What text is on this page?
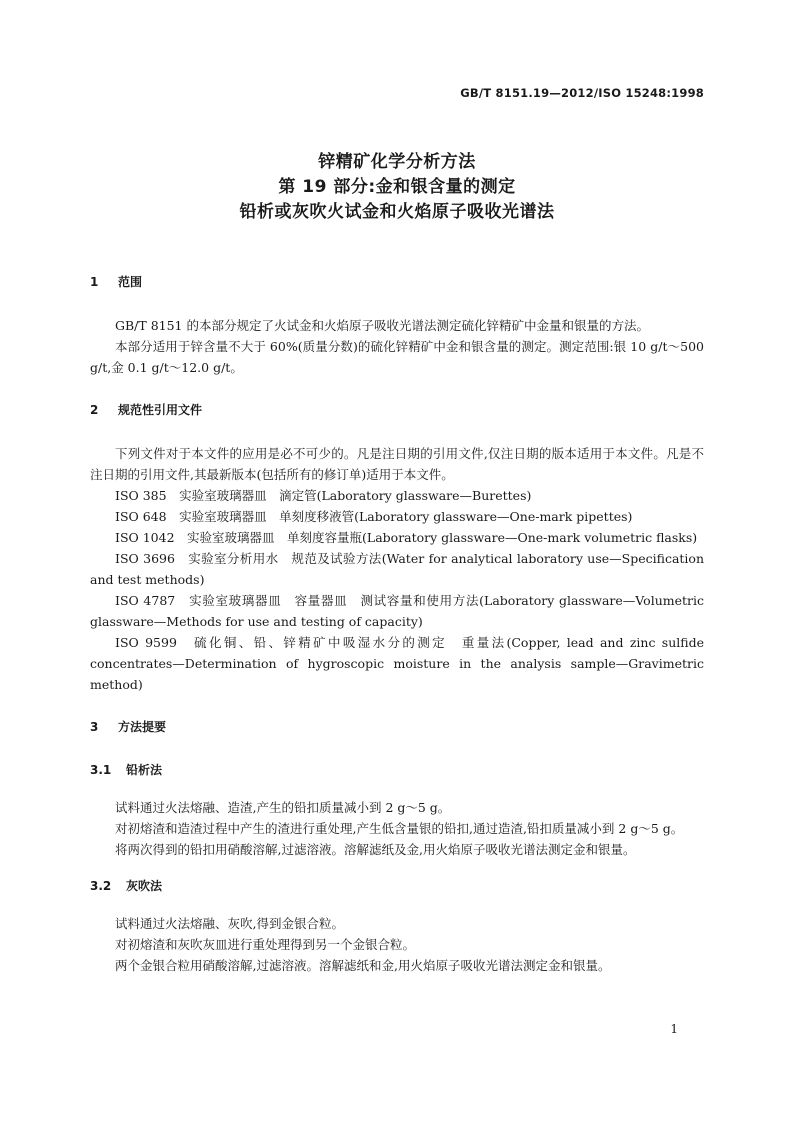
GB/T 8151.19—2012/ISO 15248:1998
锌精矿化学分析方法
第 19 部分:金和银含量的测定
铅析或灰吹火试金和火焰原子吸收光谱法
1 范围

GB/T 8151 的本部分规定了火试金和火焰原子吸收光谱法测定硫化锌精矿中金量和银量的方法。

本部分适用于锌含量不大于 60%(质量分数)的硫化锌精矿中金和银含量的测定。测定范围:银 10 g/t～500 g/t,金 0.1 g/t～12.0 g/t。

2 规范性引用文件

下列文件对于本文件的应用是必不可少的。凡是注日期的引用文件,仅注日期的版本适用于本文件。凡是不注日期的引用文件,其最新版本(包括所有的修订单)适用于本文件。

ISO 385　实验室玻璃器皿　滴定管(Laboratory glassware—Burettes)

ISO 648　实验室玻璃器皿　单刻度移液管(Laboratory glassware—One-mark pipettes)

ISO 1042　实验室玻璃器皿　单刻度容量瓶(Laboratory glassware—One-mark volumetric flasks)

ISO 3696　实验室分析用水　规范及试验方法(Water for analytical laboratory use—Specification and test methods)

ISO 4787　实验室玻璃器皿　容量器皿　测试容量和使用方法(Laboratory glassware—Volumetric glassware—Methods for use and testing of capacity)

ISO 9599　硫化铜、铅、锌精矿中吸湿水分的测定　重量法(Copper, lead and zinc sulfide concentrates—Determination of hygroscopic moisture in the analysis sample—Gravimetric method)

3 方法提要
3.1 铅析法

试料通过火法熔融、造渣,产生的铅扣质量减小到 2 g～5 g。

对初熔渣和造渣过程中产生的渣进行重处理,产生低含量银的铅扣,通过造渣,铅扣质量减小到 2 g～5 g。

将两次得到的铅扣用硝酸溶解,过滤溶液。溶解滤纸及金,用火焰原子吸收光谱法测定金和银量。

3.2 灰吹法

试料通过火法熔融、灰吹,得到金银合粒。

对初熔渣和灰吹灰皿进行重处理得到另一个金银合粒。

两个金银合粒用硝酸溶解,过滤溶液。溶解滤纸和金,用火焰原子吸收光谱法测定金和银量。

1
